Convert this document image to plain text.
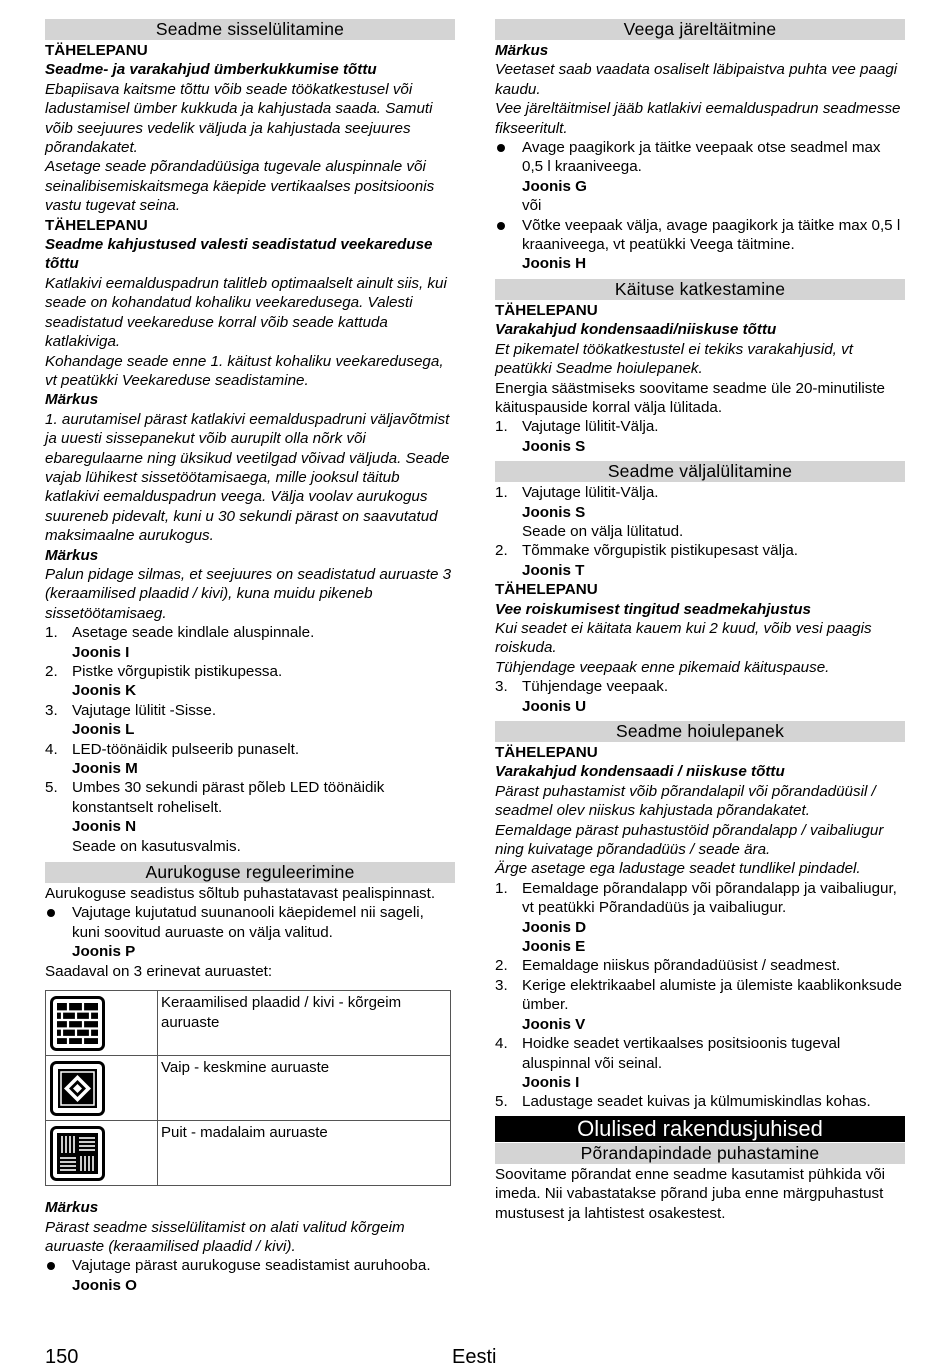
Seadme sisselülitamine
TÄHELEPANU
Seadme- ja varakahjud ümberkukkumise tõttu
Ebapiisava kaitsme tõttu võib seade töökatkestusel või ladustamisel ümber kukkuda ja kahjustada saada. Samuti võib seejuures vedelik väljuda ja kahjustada seejuures põrandakatet.
Asetage seade põrandadüüsiga tugevale aluspinnale või seinalibisemiskaitsmega käepide vertikaalses positsioonis vastu tugevat seina.
TÄHELEPANU
Seadme kahjustused valesti seadistatud veekareduse tõttu
Katlakivi eemalduspadrun talitleb optimaalselt ainult siis, kui seade on kohandatud kohaliku veekaredusega. Valesti seadistatud veekareduse korral võib seade kattuda katlakiviga.
Kohandage seade enne 1. käitust kohaliku veekaredusega, vt peatükki Veekareduse seadistamine.
Märkus
1. aurutamisel pärast katlakivi eemalduspadruni väljavõtmist ja uuesti sissepanekut võib aurupilt olla nõrk või ebaregulaarne ning üksikud veetilgad võivad väljuda. Seade vajab lühikest sissetöötamisaega, mille jooksul täitub katlakivi eemalduspadrun veega. Välja voolav aurukogus suureneb pidevalt, kuni u 30 sekundi pärast on saavutatud maksimaalne aurukogus.
Märkus
Palun pidage silmas, et seejuures on seadistatud auruaste 3 (keraamilised plaadid / kivi), kuna muidu pikeneb sissetöötamisaeg.
1. Asetage seade kindlale aluspinnale.
Joonis I
2. Pistke võrgupistik pistikupessa.
Joonis K
3. Vajutage lülitit -Sisse.
Joonis L
4. LED-töönäidik pulseerib punaselt.
Joonis M
5. Umbes 30 sekundi pärast põleb LED töönäidik konstantselt roheliselt.
Joonis N
Seade on kasutusvalmis.
Aurukoguse reguleerimine
Aurukoguse seadistus sõltub puhastatavast pealispinnast.
Vajutage kujutatud suunanooli käepidemel nii sageli, kuni soovitud auruaste on välja valitud.
Joonis P
Saadaval on 3 erinevat auruastet:
	Keraamilised plaadid / kivi - kõrgeim auruaste

	Vaip - keskmine auruaste

	Puit - madalaim auruaste
Märkus
Pärast seadme sisselülitamist on alati valitud kõrgeim auruaste (keraamilised plaadid / kivi).
Vajutage pärast aurukoguse seadistamist auruhooba.
Joonis O
Veega järeltäitmine
Märkus
Veetaset saab vaadata osaliselt läbipaistva puhta vee paagi kaudu.
Vee järeltäitmisel jääb katlakivi eemalduspadrun seadmesse fikseeritult.
Avage paagikork ja täitke veepaak otse seadmel max 0,5 l kraaniveega.
Joonis G
või
Võtke veepaak välja, avage paagikork ja täitke max 0,5 l kraaniveega, vt peatükki Veega täitmine.
Joonis H
Käituse katkestamine
TÄHELEPANU
Varakahjud kondensaadi/niiskuse tõttu
Et pikematel töökatkestustel ei tekiks varakahjusid, vt peatükki Seadme hoiulepanek.
Energia säästmiseks soovitame seadme üle 20-minutiliste käituspauside korral välja lülitada.
1. Vajutage lülitit-Välja.
Joonis S
Seadme väljalülitamine
1. Vajutage lülitit-Välja.
Joonis S
Seade on välja lülitatud.
2. Tõmmake võrgupistik pistikupesast välja.
Joonis T
TÄHELEPANU
Vee roiskumisest tingitud seadmekahjustus
Kui seadet ei käitata kauem kui 2 kuud, võib vesi paagis roiskuda.
Tühjendage veepaak enne pikemaid käituspause.
3. Tühjendage veepaak.
Joonis U
Seadme hoiulepanek
TÄHELEPANU
Varakahjud kondensaadi / niiskuse tõttu
Pärast puhastamist võib põrandalapil või põrandadüüsil / seadmel olev niiskus kahjustada põrandakatet.
Eemaldage pärast puhastustöid põrandalapp / vaibaliugur ning kuivatage põrandadüüs / seade ära.
Ärge asetage ega ladustage seadet tundlikel pindadel.
1. Eemaldage põrandalapp või põrandalapp ja vaibaliugur, vt peatükki Põrandadüüs ja vaibaliugur.
Joonis D
Joonis E
2. Eemaldage niiskus põrandadüüsist / seadmest.
3. Kerige elektrikaabel alumiste ja ülemiste kaablikonksude ümber.
Joonis V
4. Hoidke seadet vertikaalses positsioonis tugeval aluspinnal või seinal.
Joonis I
5. Ladustage seadet kuivas ja külmumiskindlas kohas.
Olulised rakendusjuhised
Põrandapindade puhastamine
Soovitame põrandat enne seadme kasutamist pühkida või imeda. Nii vabastatakse põrand juba enne märgpuhastust mustusest ja lahtistest osakestest.
150	Eesti
